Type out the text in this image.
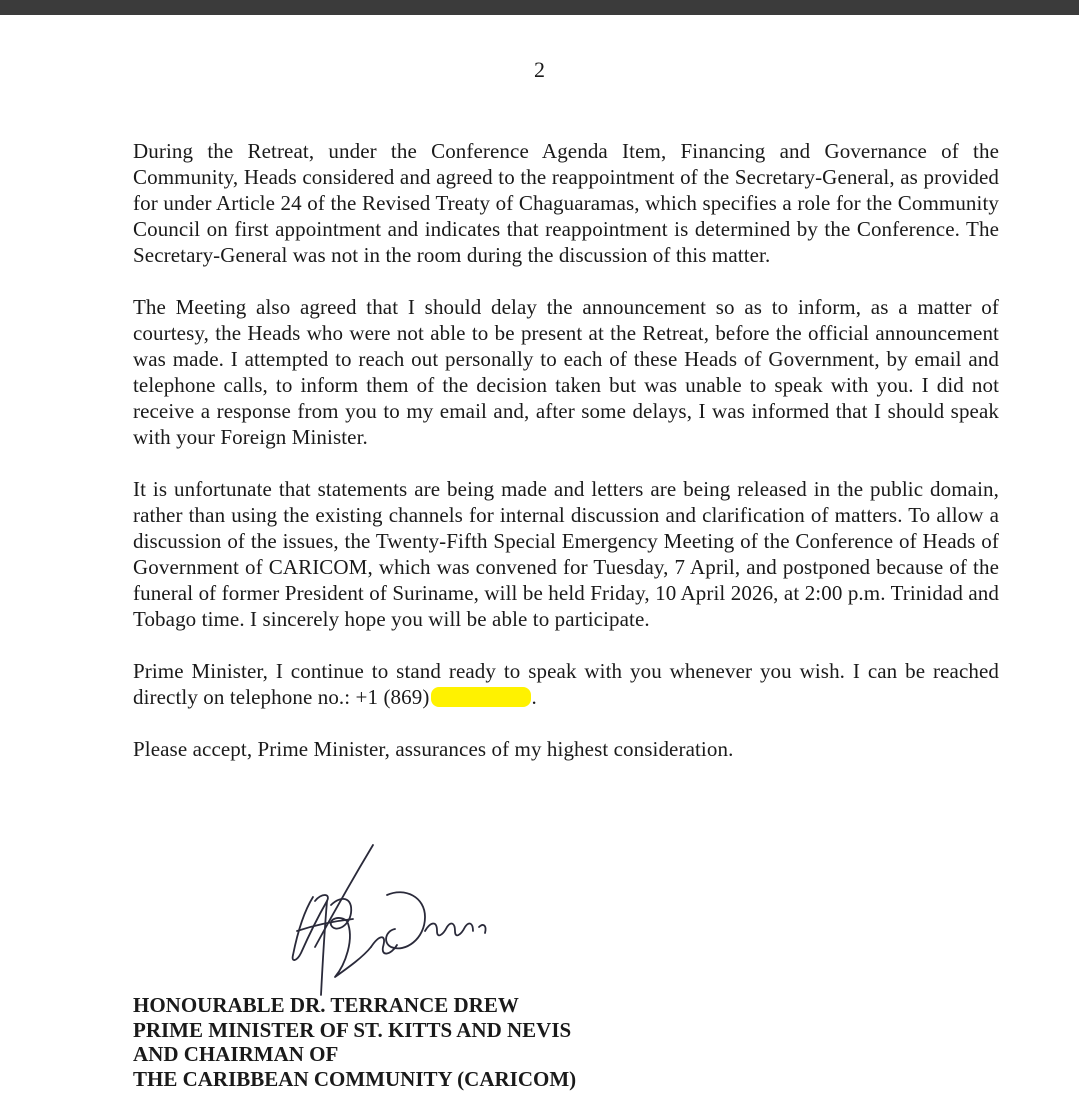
2

During the Retreat, under the Conference Agenda Item, Financing and Governance of the Community, Heads considered and agreed to the reappointment of the Secretary-General, as provided for under Article 24 of the Revised Treaty of Chaguaramas, which specifies a role for the Community Council on first appointment and indicates that reappointment is determined by the Conference. The Secretary-General was not in the room during the discussion of this matter.

The Meeting also agreed that I should delay the announcement so as to inform, as a matter of courtesy, the Heads who were not able to be present at the Retreat, before the official announcement was made. I attempted to reach out personally to each of these Heads of Government, by email and telephone calls, to inform them of the decision taken but was unable to speak with you. I did not receive a response from you to my email and, after some delays, I was informed that I should speak with your Foreign Minister.

It is unfortunate that statements are being made and letters are being released in the public domain, rather than using the existing channels for internal discussion and clarification of matters. To allow a discussion of the issues, the Twenty-Fifth Special Emergency Meeting of the Conference of Heads of Government of CARICOM, which was convened for Tuesday, 7 April, and postponed because of the funeral of former President of Suriname, will be held Friday, 10 April 2026, at 2:00 p.m. Trinidad and Tobago time. I sincerely hope you will be able to participate.

Prime Minister, I continue to stand ready to speak with you whenever you wish. I can be reached directly on telephone no.: +1 (869)	.

Please accept, Prime Minister, assurances of my highest consideration.

HONOURABLE DR. TERRANCE DREW
PRIME MINISTER OF ST. KITTS AND NEVIS
AND CHAIRMAN OF
THE CARIBBEAN COMMUNITY (CARICOM)
